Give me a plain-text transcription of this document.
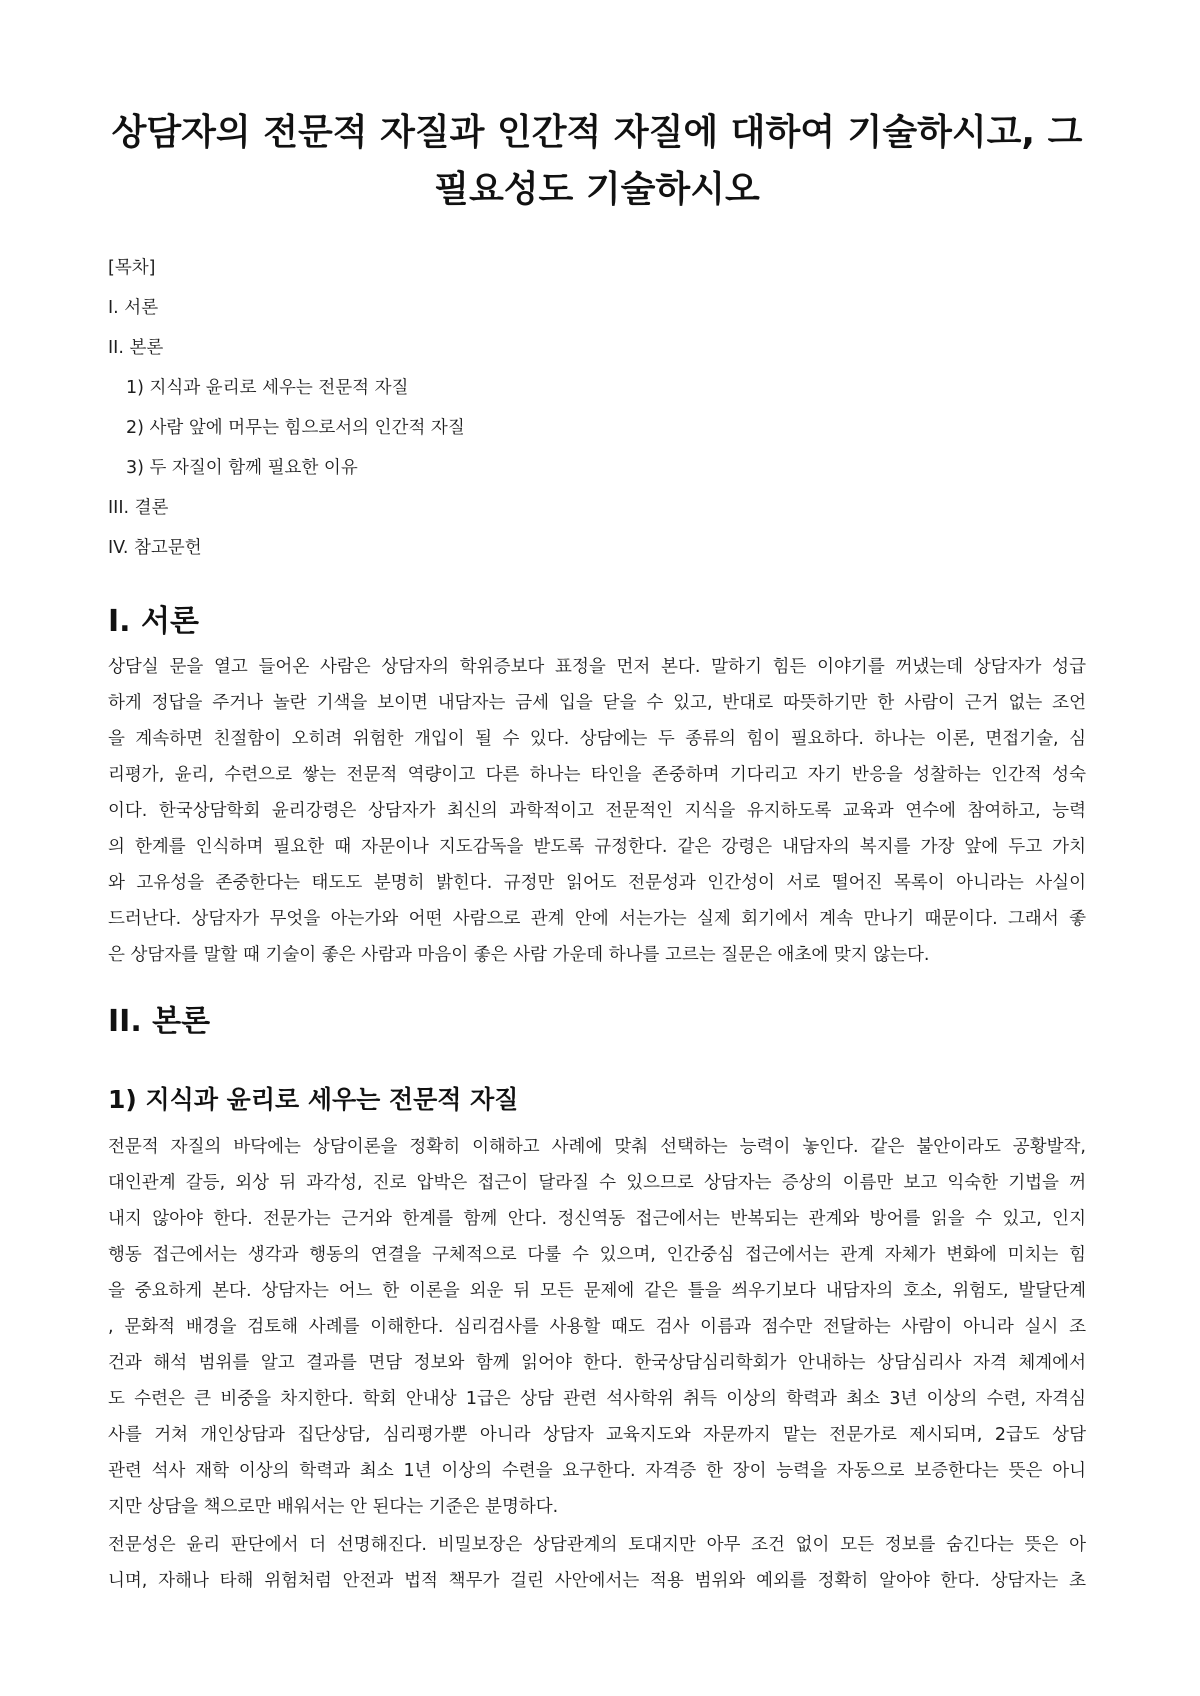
상담자의 전문적 자질과 인간적 자질에 대하여 기술하시고, 그
필요성도 기술하시오
[목차]
I. 서론
II. 본론
1) 지식과 윤리로 세우는 전문적 자질
2) 사람 앞에 머무는 힘으로서의 인간적 자질
3) 두 자질이 함께 필요한 이유
III. 결론
IV. 참고문헌
I. 서론
상담실 문을 열고 들어온 사람은 상담자의 학위증보다 표정을 먼저 본다. 말하기 힘든 이야기를 꺼냈는데 상담자가 성급
하게 정답을 주거나 놀란 기색을 보이면 내담자는 금세 입을 닫을 수 있고, 반대로 따뜻하기만 한 사람이 근거 없는 조언
을 계속하면 친절함이 오히려 위험한 개입이 될 수 있다. 상담에는 두 종류의 힘이 필요하다. 하나는 이론, 면접기술, 심
리평가, 윤리, 수련으로 쌓는 전문적 역량이고 다른 하나는 타인을 존중하며 기다리고 자기 반응을 성찰하는 인간적 성숙
이다. 한국상담학회 윤리강령은 상담자가 최신의 과학적이고 전문적인 지식을 유지하도록 교육과 연수에 참여하고, 능력
의 한계를 인식하며 필요한 때 자문이나 지도감독을 받도록 규정한다. 같은 강령은 내담자의 복지를 가장 앞에 두고 가치
와 고유성을 존중한다는 태도도 분명히 밝힌다. 규정만 읽어도 전문성과 인간성이 서로 떨어진 목록이 아니라는 사실이
드러난다. 상담자가 무엇을 아는가와 어떤 사람으로 관계 안에 서는가는 실제 회기에서 계속 만나기 때문이다. 그래서 좋
은 상담자를 말할 때 기술이 좋은 사람과 마음이 좋은 사람 가운데 하나를 고르는 질문은 애초에 맞지 않는다.
II. 본론
1) 지식과 윤리로 세우는 전문적 자질
전문적 자질의 바닥에는 상담이론을 정확히 이해하고 사례에 맞춰 선택하는 능력이 놓인다. 같은 불안이라도 공황발작,
대인관계 갈등, 외상 뒤 과각성, 진로 압박은 접근이 달라질 수 있으므로 상담자는 증상의 이름만 보고 익숙한 기법을 꺼
내지 않아야 한다. 전문가는 근거와 한계를 함께 안다. 정신역동 접근에서는 반복되는 관계와 방어를 읽을 수 있고, 인지
행동 접근에서는 생각과 행동의 연결을 구체적으로 다룰 수 있으며, 인간중심 접근에서는 관계 자체가 변화에 미치는 힘
을 중요하게 본다. 상담자는 어느 한 이론을 외운 뒤 모든 문제에 같은 틀을 씌우기보다 내담자의 호소, 위험도, 발달단계
, 문화적 배경을 검토해 사례를 이해한다. 심리검사를 사용할 때도 검사 이름과 점수만 전달하는 사람이 아니라 실시 조
건과 해석 범위를 알고 결과를 면담 정보와 함께 읽어야 한다. 한국상담심리학회가 안내하는 상담심리사 자격 체계에서
도 수련은 큰 비중을 차지한다. 학회 안내상 1급은 상담 관련 석사학위 취득 이상의 학력과 최소 3년 이상의 수련, 자격심
사를 거쳐 개인상담과 집단상담, 심리평가뿐 아니라 상담자 교육지도와 자문까지 맡는 전문가로 제시되며, 2급도 상담
관련 석사 재학 이상의 학력과 최소 1년 이상의 수련을 요구한다. 자격증 한 장이 능력을 자동으로 보증한다는 뜻은 아니
지만 상담을 책으로만 배워서는 안 된다는 기준은 분명하다.
전문성은 윤리 판단에서 더 선명해진다. 비밀보장은 상담관계의 토대지만 아무 조건 없이 모든 정보를 숨긴다는 뜻은 아
니며, 자해나 타해 위험처럼 안전과 법적 책무가 걸린 사안에서는 적용 범위와 예외를 정확히 알아야 한다. 상담자는 초
